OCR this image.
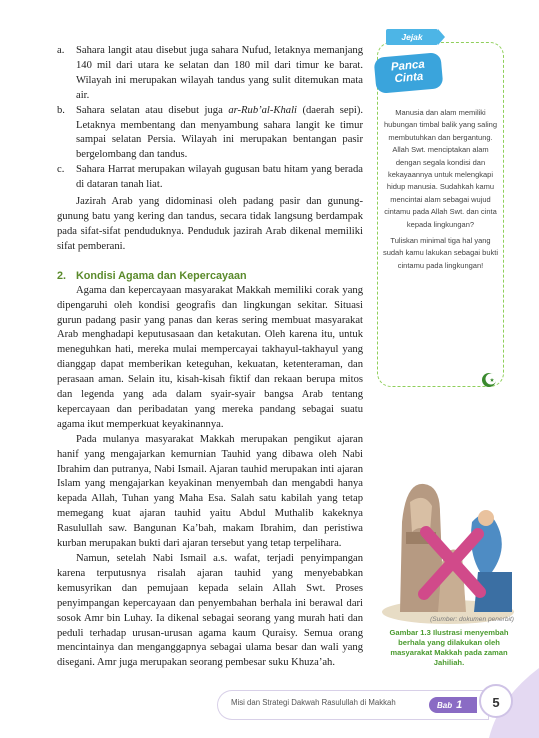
a.	Sahara langit atau disebut juga sahara Nufud, letaknya memanjang 140 mil dari utara ke selatan dan 180 mil dari timur ke barat. Wilayah ini merupakan wilayah tandus yang sulit ditemukan mata air.
b.	Sahara selatan atau disebut juga ar-Rub’al-Khali (daerah sepi). Letaknya membentang dan menyambung sahara langit ke timur sampai selatan Persia. Wilayah ini merupakan bentangan pasir bergelombang dan tandus.
c.	Sahara Harrat merupakan wilayah gugusan batu hitam yang berada di dataran tanah liat.

Jazirah Arab yang didominasi oleh padang pasir dan gunung-gunung batu yang kering dan tandus, secara tidak langsung berdampak pada sifat-sifat penduduknya. Penduduk jazirah Arab dikenal memiliki sifat pemberani.

2. Kondisi Agama dan Kepercayaan

Agama dan kepercayaan masyarakat Makkah memiliki corak yang dipengaruhi oleh kondisi geografis dan lingkungan sekitar. Situasi gurun padang pasir yang panas dan keras sering membuat masyarakat Arab menghadapi keputusasaan dan ketakutan. Oleh karena itu, untuk meneguhkan hati, mereka mulai mempercayai takhayul-takhayul yang dianggap dapat memberikan keteguhan, kekuatan, ketenteraman, dan perasaan aman. Selain itu, kisah-kisah fiktif dan rekaan berupa mitos dan legenda yang ada dalam syair-syair bangsa Arab tentang kepercayaan dan peribadatan yang mereka pandang sebagai suatu agama ikut memperkuat keyakinannya.

Pada mulanya masyarakat Makkah merupakan pengikut ajaran hanif yang mengajarkan kemurnian Tauhid yang dibawa oleh Nabi Ibrahim dan putranya, Nabi Ismail. Ajaran tauhid merupakan inti ajaran Islam yang mengajarkan keyakinan menyembah dan mengabdi hanya kepada Allah, Tuhan yang Maha Esa. Salah satu kabilah yang tetap memegang kuat ajaran tauhid yaitu Abdul Muthalib kakeknya Rasulullah saw. Bangunan Ka’bah, makam Ibrahim, dan peristiwa kurban merupakan bukti dari ajaran tersebut yang tetap terpelihara.

Namun, setelah Nabi Ismail a.s. wafat, terjadi penyimpangan karena terputusnya risalah ajaran tauhid yang menyebabkan kemusyrikan dan pemujaan kepada selain Allah Swt. Proses penyimpangan kepercayaan dan penyembahan berhala ini berawal dari sosok Amr bin Luhay. Ia dikenal sebagai seorang yang murah hati dan peduli terhadap urusan-urusan agama kaum Quraisy. Semua orang mencintainya dan menganggapnya sebagai ulama besar dan wali yang disegani. Amr juga merupakan seorang pembesar suku Khuza’ah.

Manusia dan alam memiliki hubungan timbal balik yang saling membutuhkan dan bergantung. Allah Swt. menciptakan alam dengan segala kondisi dan kekayaannya untuk melengkapi hidup manusia. Sudahkah kamu mencintai alam sebagai wujud cintamu pada Allah Swt. dan cinta kepada lingkungan?
Tuliskan minimal tiga hal yang sudah kamu lakukan sebagai bukti cintamu pada lingkungan!
Jejak
Panca
Cinta
(Sumber: dokumen penerbit)
Gambar 1.3 Ilustrasi menyembah berhala yang dilakukan oleh masyarakat Makkah pada zaman Jahiliah.
Misi dan Strategi Dakwah Rasulullah di Makkah	Bab 1	5
